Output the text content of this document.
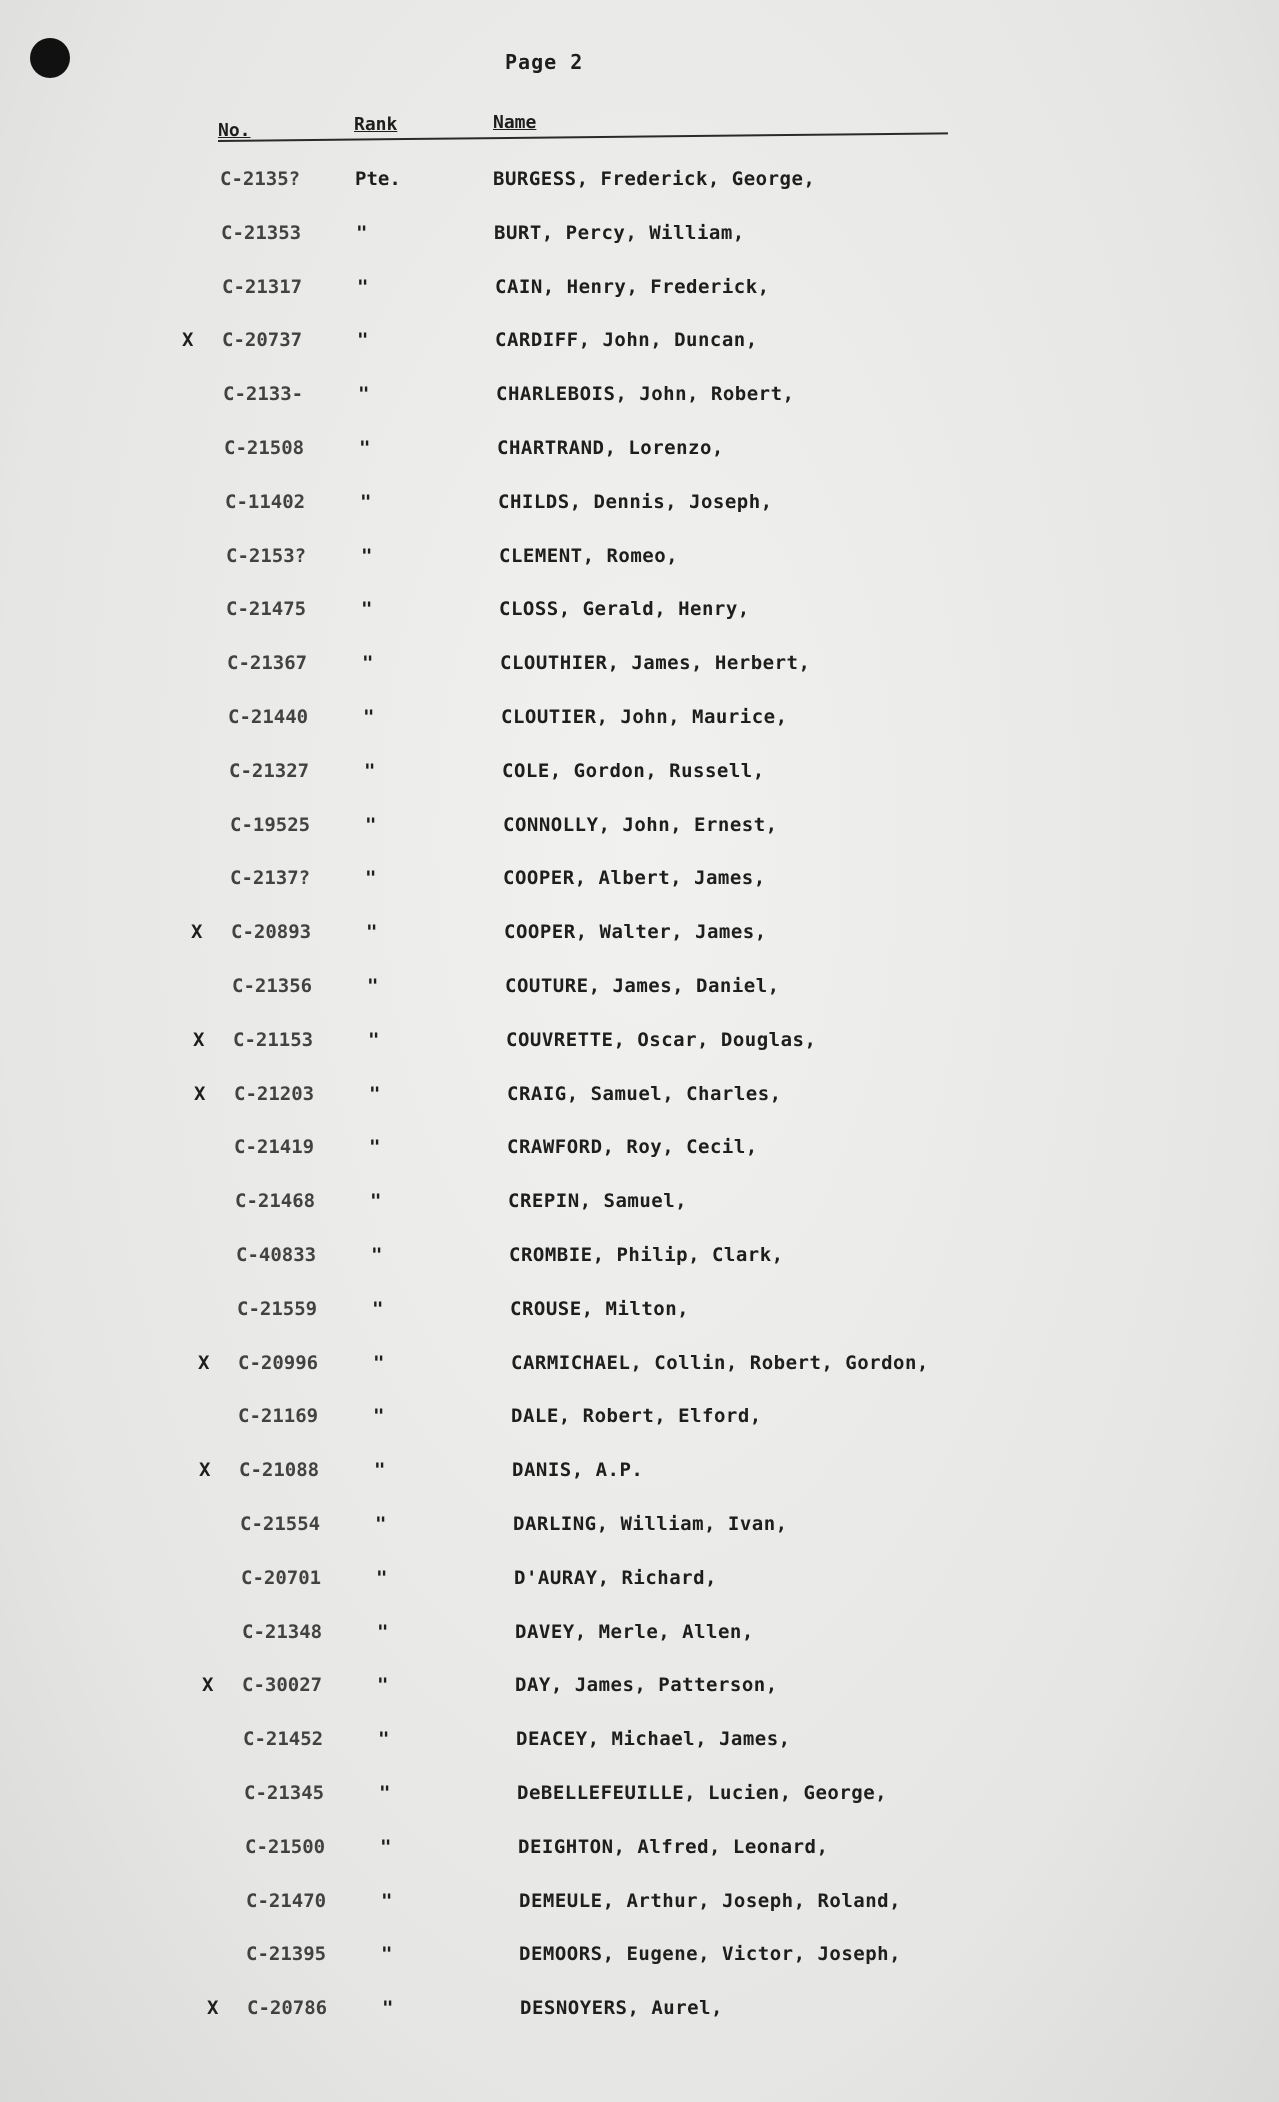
Page 2
No.	Rank	Name
C-2135?	Pte.	BURGESS, Frederick, George,
C-21353	"	BURT, Percy, William,
C-21317	"	CAIN, Henry, Frederick,
X C-20737	"	CARDIFF, John, Duncan,
C-2133-	"	CHARLEBOIS, John, Robert,
C-21508	"	CHARTRAND, Lorenzo,
C-11402	"	CHILDS, Dennis, Joseph,
C-2153?	"	CLEMENT, Romeo,
C-21475	"	CLOSS, Gerald, Henry,
C-21367	"	CLOUTHIER, James, Herbert,
C-21440	"	CLOUTIER, John, Maurice,
C-21327	"	COLE, Gordon, Russell,
C-19525	"	CONNOLLY, John, Ernest,
C-2137?	"	COOPER, Albert, James,
X C-20893	"	COOPER, Walter, James,
C-21356	"	COUTURE, James, Daniel,
X C-21153	"	COUVRETTE, Oscar, Douglas,
X C-21203	"	CRAIG, Samuel, Charles,
C-21419	"	CRAWFORD, Roy, Cecil,
C-21468	"	CREPIN, Samuel,
C-40833	"	CROMBIE, Philip, Clark,
C-21559	"	CROUSE, Milton,
X C-20996	"	CARMICHAEL, Collin, Robert, Gordon,
C-21169	"	DALE, Robert, Elford,
X C-21088	"	DANIS, A.P.
C-21554	"	DARLING, William, Ivan,
C-20701	"	D'AURAY, Richard,
C-21348	"	DAVEY, Merle, Allen,
X C-30027	"	DAY, James, Patterson,
C-21452	"	DEACEY, Michael, James,
C-21345	"	DeBELLEFEUILLE, Lucien, George,
C-21500	"	DEIGHTON, Alfred, Leonard,
C-21470	"	DEMEULE, Arthur, Joseph, Roland,
C-21395	"	DEMOORS, Eugene, Victor, Joseph,
X C-20786	"	DESNOYERS, Aurel,
